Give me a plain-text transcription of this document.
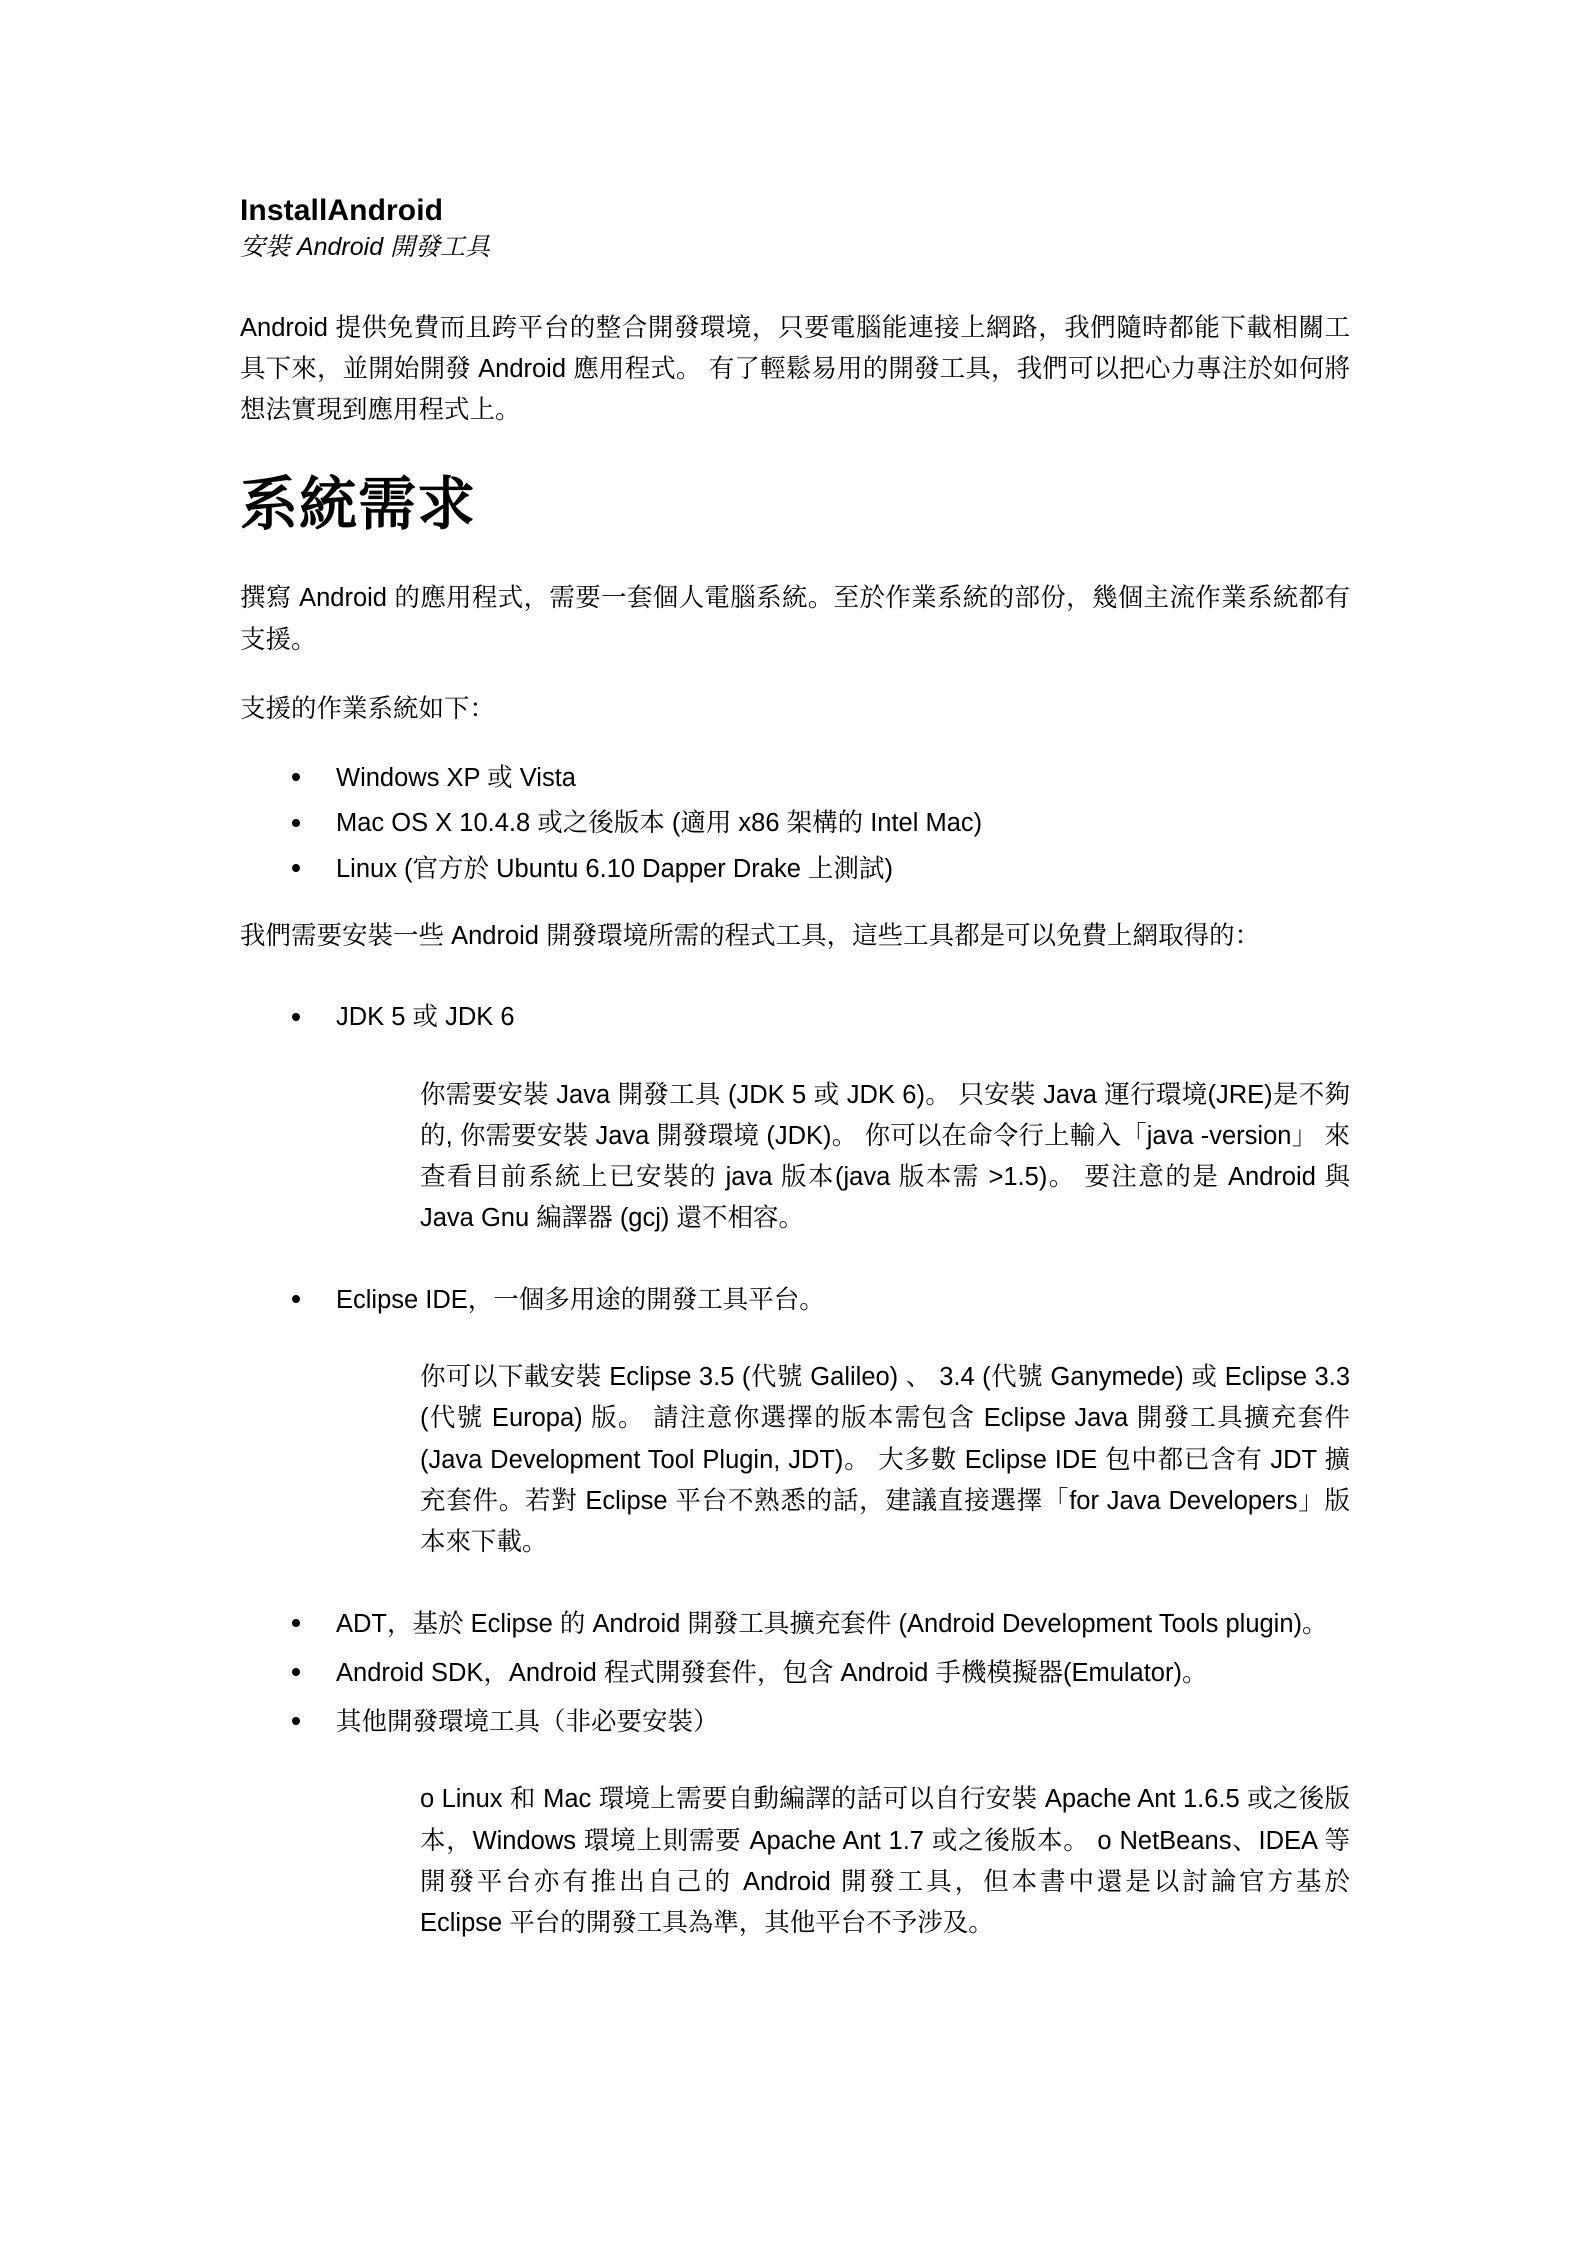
InstallAndroid
安裝 Android 開發工具

Android 提供免費而且跨平台的整合開發環境，只要電腦能連接上網路，我們隨時都能下載相關工具下來，並開始開發 Android 應用程式。 有了輕鬆易用的開發工具，我們可以把心力專注於如何將想法實現到應用程式上。

系統需求

撰寫 Android 的應用程式，需要一套個人電腦系統。至於作業系統的部份，幾個主流作業系統都有支援。

支援的作業系統如下：

Windows XP 或 Vista
Mac OS X 10.4.8 或之後版本 (適用 x86 架構的 Intel Mac)
Linux (官方於 Ubuntu 6.10 Dapper Drake 上測試)

我們需要安裝一些 Android 開發環境所需的程式工具，這些工具都是可以免費上網取得的：

JDK 5 或 JDK 6
你需要安裝 Java 開發工具 (JDK 5 或 JDK 6)。 只安裝 Java 運行環境(JRE)是不夠的, 你需要安裝 Java 開發環境 (JDK)。 你可以在命令行上輸入「java -version」 來查看目前系統上已安裝的 java 版本(java 版本需 >1.5)。 要注意的是 Android 與 Java Gnu 編譯器 (gcj) 還不相容。
Eclipse IDE，一個多用途的開發工具平台。
你可以下載安裝 Eclipse 3.5 (代號 Galileo) 、 3.4 (代號 Ganymede) 或 Eclipse 3.3 (代號 Europa) 版。 請注意你選擇的版本需包含 Eclipse Java 開發工具擴充套件(Java Development Tool Plugin, JDT)。 大多數 Eclipse IDE 包中都已含有 JDT 擴充套件。若對 Eclipse 平台不熟悉的話，建議直接選擇「for Java Developers」版本來下載。
ADT，基於 Eclipse 的 Android 開發工具擴充套件 (Android Development Tools plugin)。
Android SDK，Android 程式開發套件，包含 Android 手機模擬器(Emulator)。
其他開發環境工具（非必要安裝）
o Linux 和 Mac 環境上需要自動編譯的話可以自行安裝 Apache Ant 1.6.5 或之後版本，Windows 環境上則需要 Apache Ant 1.7 或之後版本。 o NetBeans、IDEA 等開發平台亦有推出自己的 Android 開發工具，但本書中還是以討論官方基於 Eclipse 平台的開發工具為準，其他平台不予涉及。
